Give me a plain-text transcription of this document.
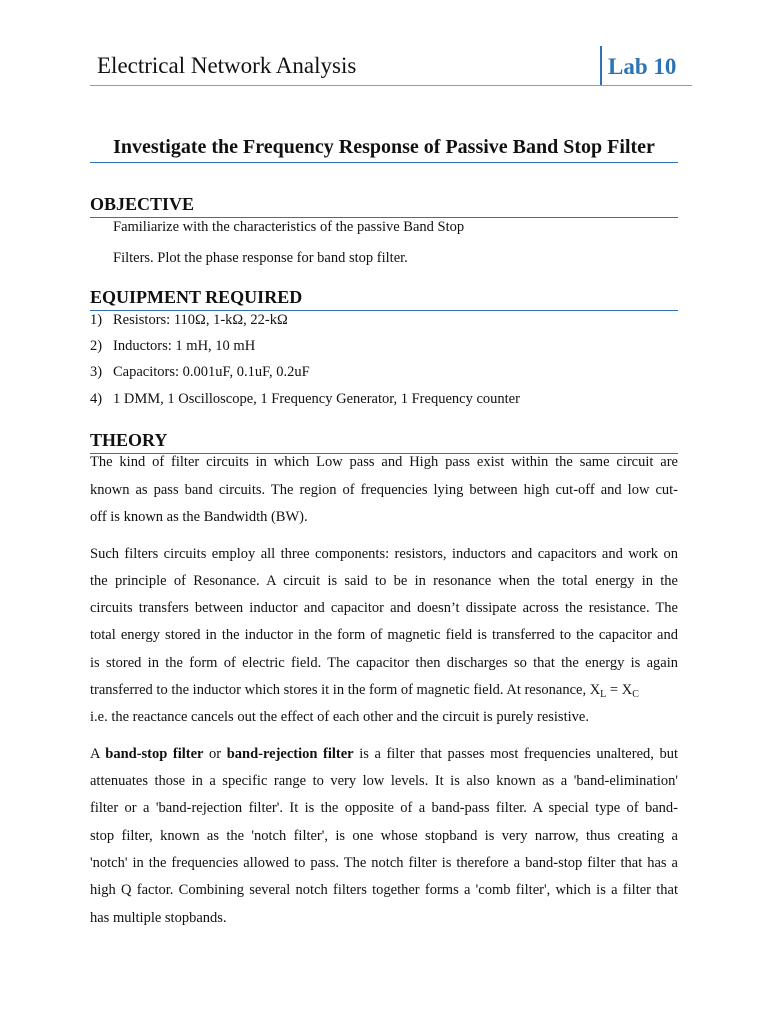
Electrical Network Analysis	Lab 10
Investigate the Frequency Response of Passive Band Stop Filter
OBJECTIVE
Familiarize with the characteristics of the passive Band Stop
Filters. Plot the phase response for band stop filter.
EQUIPMENT REQUIRED
1) Resistors: 110Ω, 1-kΩ, 22-kΩ
2) Inductors: 1 mH, 10 mH
3) Capacitors: 0.001uF, 0.1uF, 0.2uF
4) 1 DMM, 1 Oscilloscope, 1 Frequency Generator, 1 Frequency counter
THEORY
The kind of filter circuits in which Low pass and High pass exist within the same circuit are
known as pass band circuits. The region of frequencies lying between high cut-off and low cut-
off is known as the Bandwidth (BW).
Such filters circuits employ all three components: resistors, inductors and capacitors and work on
the principle of Resonance. A circuit is said to be in resonance when the total energy in the
circuits transfers between inductor and capacitor and doesn’t dissipate across the resistance. The
total energy stored in the inductor in the form of magnetic field is transferred to the capacitor and
is stored in the form of electric field. The capacitor then discharges so that the energy is again
transferred to the inductor which stores it in the form of magnetic field. At resonance, $X_L = X_C$
i.e. the reactance cancels out the effect of each other and the circuit is purely resistive.
A band-stop filter or band-rejection filter is a filter that passes most frequencies unaltered, but
attenuates those in a specific range to very low levels. It is also known as a 'band-elimination'
filter or a 'band-rejection filter'. It is the opposite of a band-pass filter. A special type of band-
stop filter, known as the 'notch filter', is one whose stopband is very narrow, thus creating a
'notch' in the frequencies allowed to pass. The notch filter is therefore a band-stop filter that has a
high Q factor. Combining several notch filters together forms a 'comb filter', which is a filter that
has multiple stopbands.
